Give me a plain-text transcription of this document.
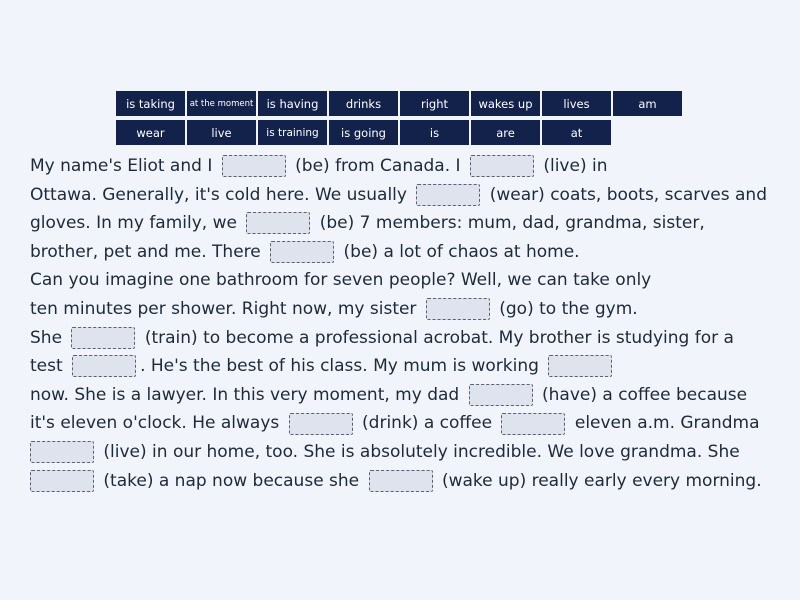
is taking	at the moment	is having	drinks	right	wakes up	lives	am
wear	live	is training	is going	is	are	at
My name's Eliot and I	(be) from Canada. I	(live) in
Ottawa. Generally, it's cold here. We usually	(wear) coats, boots, scarves and
gloves. In my family, we	(be) 7 members: mum, dad, grandma, sister,
brother, pet and me. There	(be) a lot of chaos at home.
Can you imagine one bathroom for seven people? Well, we can take only
ten minutes per shower. Right now, my sister	(go) to the gym.
She	(train) to become a professional acrobat. My brother is studying for a
test	. He's the best of his class. My mum is working
now. She is a lawyer. In this very moment, my dad	(have) a coffee because
it's eleven o'clock. He always	(drink) a coffee	eleven a.m. Grandma
(live) in our home, too. She is absolutely incredible. We love grandma. She
(take) a nap now because she	(wake up) really early every morning.
